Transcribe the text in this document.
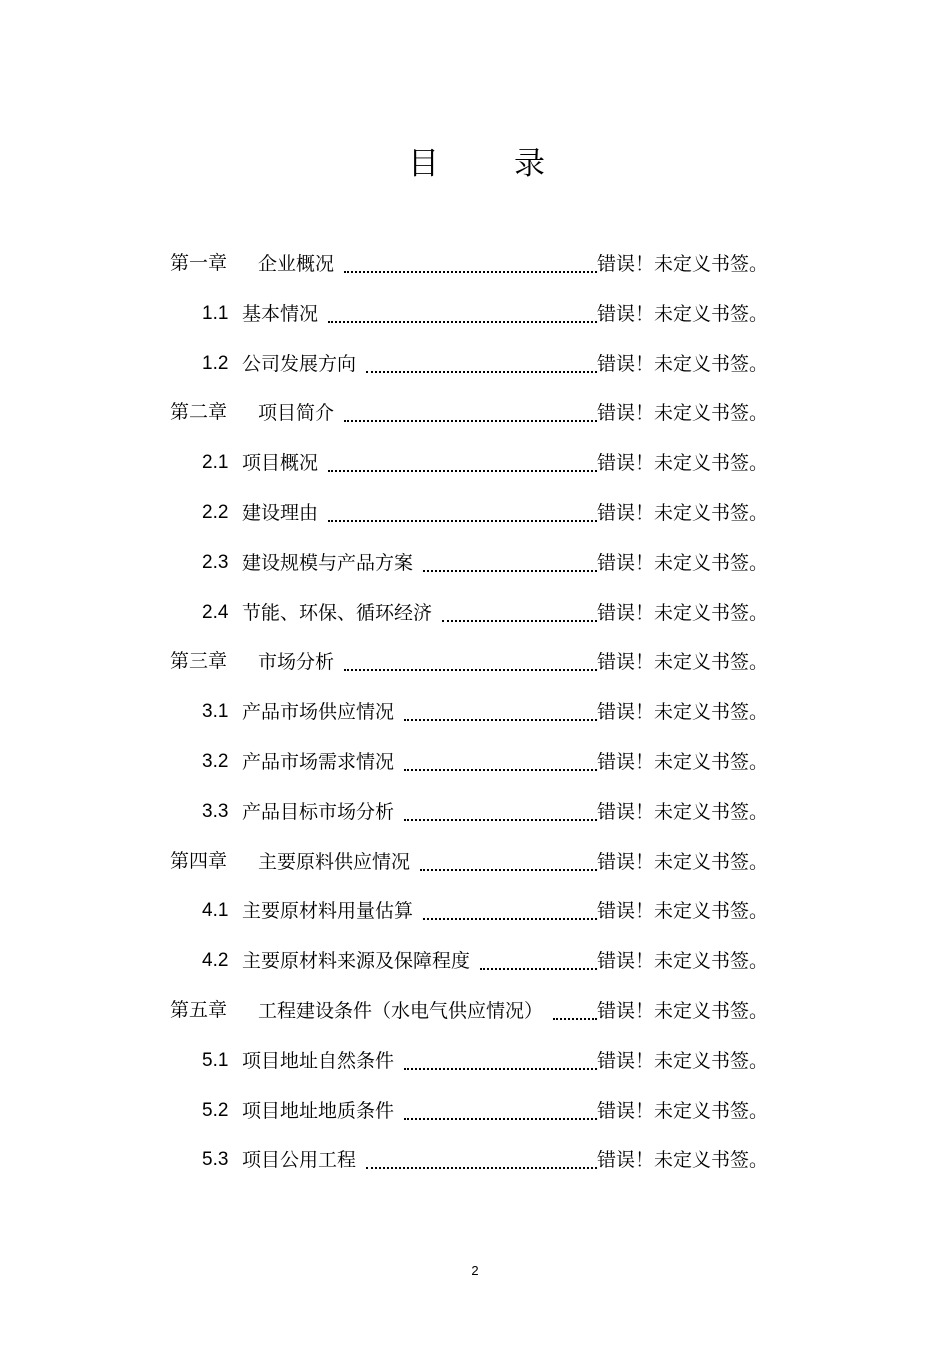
目 录
第一章	企业概况	错误！未定义书签。
1.1 基本情况	错误！未定义书签。
1.2 公司发展方向	错误！未定义书签。
第二章	项目简介	错误！未定义书签。
2.1 项目概况	错误！未定义书签。
2.2 建设理由	错误！未定义书签。
2.3 建设规模与产品方案	错误！未定义书签。
2.4 节能、环保、循环经济	错误！未定义书签。
第三章	市场分析	错误！未定义书签。
3.1 产品市场供应情况	错误！未定义书签。
3.2 产品市场需求情况	错误！未定义书签。
3.3 产品目标市场分析	错误！未定义书签。
第四章	主要原料供应情况	错误！未定义书签。
4.1 主要原材料用量估算	错误！未定义书签。
4.2 主要原材料来源及保障程度	错误！未定义书签。
第五章	工程建设条件（水电气供应情况）	错误！未定义书签。
5.1 项目地址自然条件	错误！未定义书签。
5.2 项目地址地质条件	错误！未定义书签。
5.3 项目公用工程	错误！未定义书签。
2
